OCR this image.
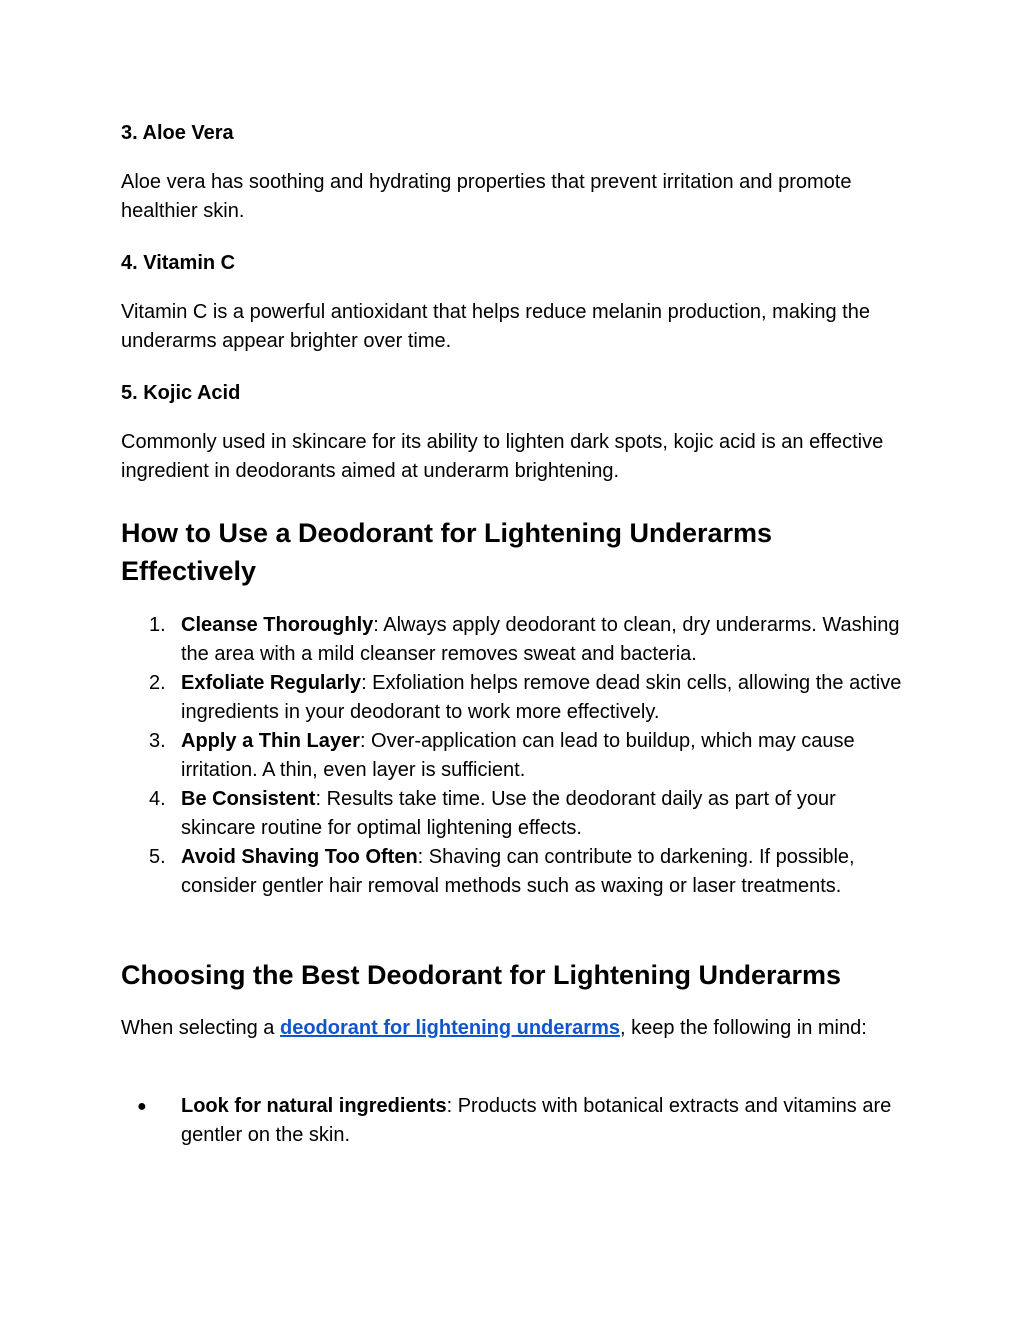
3. Aloe Vera

Aloe vera has soothing and hydrating properties that prevent irritation and promote healthier skin.

4. Vitamin C

Vitamin C is a powerful antioxidant that helps reduce melanin production, making the underarms appear brighter over time.

5. Kojic Acid

Commonly used in skincare for its ability to lighten dark spots, kojic acid is an effective ingredient in deodorants aimed at underarm brightening.

How to Use a Deodorant for Lightening Underarms Effectively
1. Cleanse Thoroughly: Always apply deodorant to clean, dry underarms. Washing the area with a mild cleanser removes sweat and bacteria.
2. Exfoliate Regularly: Exfoliation helps remove dead skin cells, allowing the active ingredients in your deodorant to work more effectively.
3. Apply a Thin Layer: Over-application can lead to buildup, which may cause irritation. A thin, even layer is sufficient.
4. Be Consistent: Results take time. Use the deodorant daily as part of your skincare routine for optimal lightening effects.
5. Avoid Shaving Too Often: Shaving can contribute to darkening. If possible, consider gentler hair removal methods such as waxing or laser treatments.
Choosing the Best Deodorant for Lightening Underarms

When selecting a deodorant for lightening underarms, keep the following in mind:

● Look for natural ingredients: Products with botanical extracts and vitamins are gentler on the skin.
